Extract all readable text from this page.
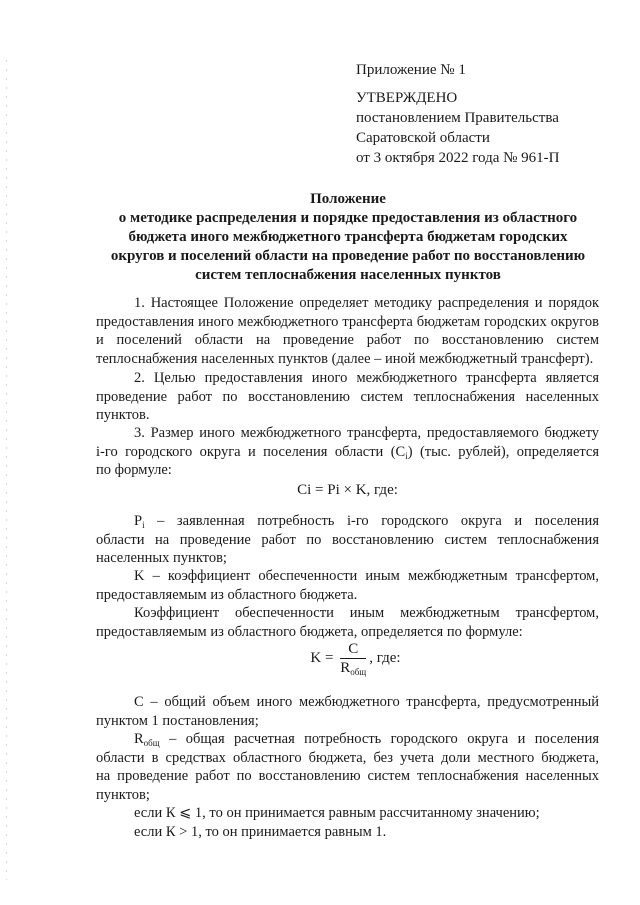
Приложение № 1
УТВЕРЖДЕНО
постановлением Правительства
Саратовской области
от 3 октября 2022 года № 961-П
Положение
о методике распределения и порядке предоставления из областного
бюджета иного межбюджетного трансферта бюджетам городских
округов и поселений области на проведение работ по восстановлению
систем теплоснабжения населенных пунктов
1. Настоящее Положение определяет методику распределения и порядок
предоставления иного межбюджетного трансферта бюджетам городских округов
и поселений области на проведение работ по восстановлению систем
теплоснабжения населенных пунктов (далее – иной межбюджетный трансферт).
2. Целью предоставления иного межбюджетного трансферта является
проведение работ по восстановлению систем теплоснабжения населенных
пунктов.
3. Размер иного межбюджетного трансферта, предоставляемого бюджету
i-го городского округа и поселения области $(С_i)$ (тыс. рублей), определяется
по формуле:
Ci = Pi × K, где:
$P_i$ – заявленная потребность i-го городского округа и поселения
области на проведение работ по восстановлению систем теплоснабжения
населенных пунктов;
K – коэффициент обеспеченности иным межбюджетным трансфертом,
предоставляемым из областного бюджета.
Коэффициент обеспеченности иным межбюджетным трансфертом,
предоставляемым из областного бюджета, определяется по формуле:
$K = \frac{C}{R_{общ}}$ , где:
С – общий объем иного межбюджетного трансферта, предусмотренный
пунктом 1 постановления;
$R_{общ}$ – общая расчетная потребность городского округа и поселения
области в средствах областного бюджета, без учета доли местного бюджета,
на проведение работ по восстановлению систем теплоснабжения населенных
пунктов;
если К ⩽ 1, то он принимается равным рассчитанному значению;
если К > 1, то он принимается равным 1.
